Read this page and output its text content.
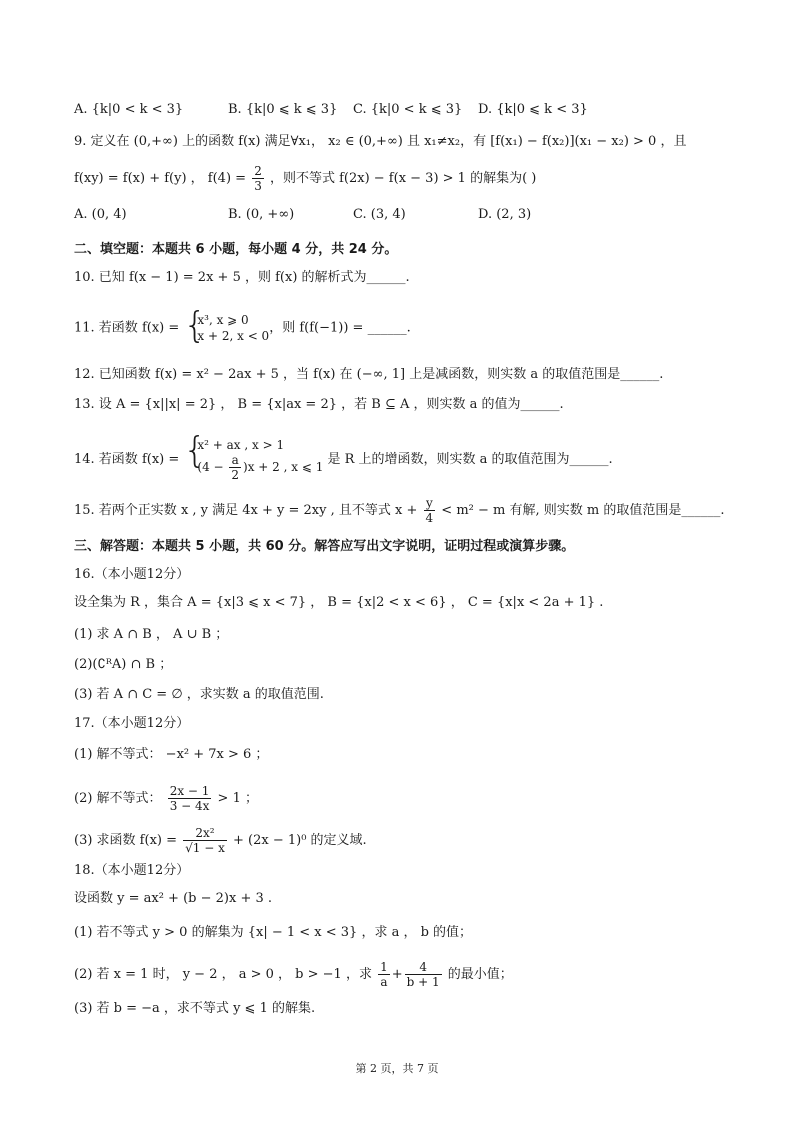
A. {k|0 < k < 3}	B. {k|0 ⩽ k ⩽ 3} C. {k|0 < k ⩽ 3} D. {k|0 ⩽ k < 3}
9. 定义在 (0,+∞) 上的函数 f(x) 满足∀x₁， x₂ ∈ (0,+∞) 且 x₁≠x₂，有 [f(x₁) − f(x₂)](x₁ − x₂) > 0 ，且
f(xy) = f(x) + f(y) ， $f(4) = \frac{2}{3}$ ，则不等式 f(2x) − f(x − 3) > 1 的解集为( )
A. (0, 4)	B. (0, +∞)	C. (3, 4)	D. (2, 3)
二、填空题：本题共 6 小题，每小题 4 分，共 24 分。
10. 已知 f(x − 1) = 2x + 5 ，则 f(x) 的解析式为______.
11. 若函数 f(x) = {
x³, x ⩾ 0
x + 2, x < 0
，则 f(f(−1)) = ______.
12. 已知函数 f(x) = x² − 2ax + 5 ，当 f(x) 在 (−∞, 1] 上是减函数，则实数 a 的取值范围是______.
13. 设 A = {x||x| = 2} ， B = {x|ax = 2} ，若 B ⊆ A ，则实数 a 的值为______.
14. 若函数 f(x) = {
x² + ax , x > 1
$(4 - \frac{a}{2} )x + 2$ , x ⩽ 1 是 R 上的增函数，则实数 a 的取值范围为______.
15. 若两个正实数 x , y 满足 4x + y = 2xy , 且不等式 $x + \frac{y}{4} < m^2 - m$ 有解, 则实数 m 的取值范围是______.
三、解答题：本题共 5 小题，共 60 分。解答应写出文字说明，证明过程或演算步骤。
16.（本小题12分）
设全集为 R ，集合 A = {x|3 ⩽ x < 7} ， B = {x|2 < x < 6} ， C = {x|x < 2a + 1} .
(1) 求 A ∩ B ， A ∪ B ；
(2)(∁ᴿA) ∩ B ；
(3) 若 A ∩ C = ∅ ，求实数 a 的取值范围.
17.（本小题12分）
(1) 解不等式： −x² + 7x > 6 ；
(2) 解不等式： $\frac{2x - 1}{3 - 4x} > 1$ ；
(3) 求函数 $f(x) = \frac{\text{2x²}}{√1 - x} + (2x - 1)^0$ 的定义域.
18.（本小题12分）
设函数 y = ax² + (b − 2)x + 3 .
(1) 若不等式 y > 0 的解集为 {x| − 1 < x < 3} ，求 a ， b 的值；
(2) 若 x = 1 时， y − 2 ， a > 0 ， b > −1 ，求 $\frac{1}{a} + \frac{4}{b + 1}$ 的最小值；
(3) 若 b = −a ，求不等式 y ⩽ 1 的解集.
第 2 页，共 7 页
